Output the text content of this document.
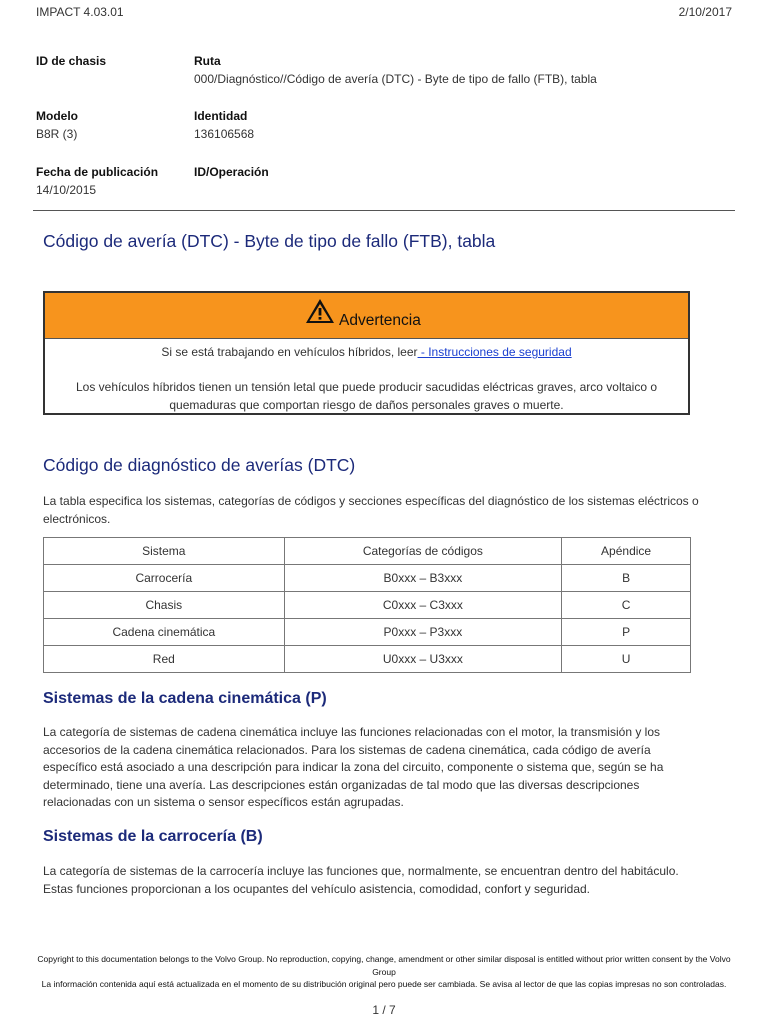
IMPACT 4.03.01	2/10/2017
ID de chasis	Ruta
000/Diagnóstico//Código de avería (DTC) - Byte de tipo de fallo (FTB), tabla
Modelo
B8R (3)
Identidad
136106568
Fecha de publicación
14/10/2015
ID/Operación
Código de avería (DTC) - Byte de tipo de fallo (FTB), tabla
Advertencia
Si se está trabajando en vehículos híbridos, leer - Instrucciones de seguridad
Los vehículos híbridos tienen un tensión letal que puede producir sacudidas eléctricas graves, arco voltaico o quemaduras que comportan riesgo de daños personales graves o muerte.
Código de diagnóstico de averías (DTC)

La tabla especifica los sistemas, categorías de códigos y secciones específicas del diagnóstico de los sistemas eléctricos o electrónicos.

Sistema	Categorías de códigos	Apéndice
Carrocería	B0xxx – B3xxx	B
Chasis	C0xxx – C3xxx	C
Cadena cinemática	P0xxx – P3xxx	P
Red	U0xxx – U3xxx	U
Sistemas de la cadena cinemática (P)

La categoría de sistemas de cadena cinemática incluye las funciones relacionadas con el motor, la transmisión y los accesorios de la cadena cinemática relacionados. Para los sistemas de cadena cinemática, cada código de avería específico está asociado a una descripción para indicar la zona del circuito, componente o sistema que, según se ha determinado, tiene una avería. Las descripciones están organizadas de tal modo que las diversas descripciones relacionadas con un sistema o sensor específicos están agrupadas.

Sistemas de la carrocería (B)

La categoría de sistemas de la carrocería incluye las funciones que, normalmente, se encuentran dentro del habitáculo. Estas funciones proporcionan a los ocupantes del vehículo asistencia, comodidad, confort y seguridad.

Copyright to this documentation belongs to the Volvo Group. No reproduction, copying, change, amendment or other similar disposal is entitled without prior written consent by the Volvo Group
La información contenida aquí está actualizada en el momento de su distribución original pero puede ser cambiada. Se avisa al lector de que las copias impresas no son controladas.
1 / 7
